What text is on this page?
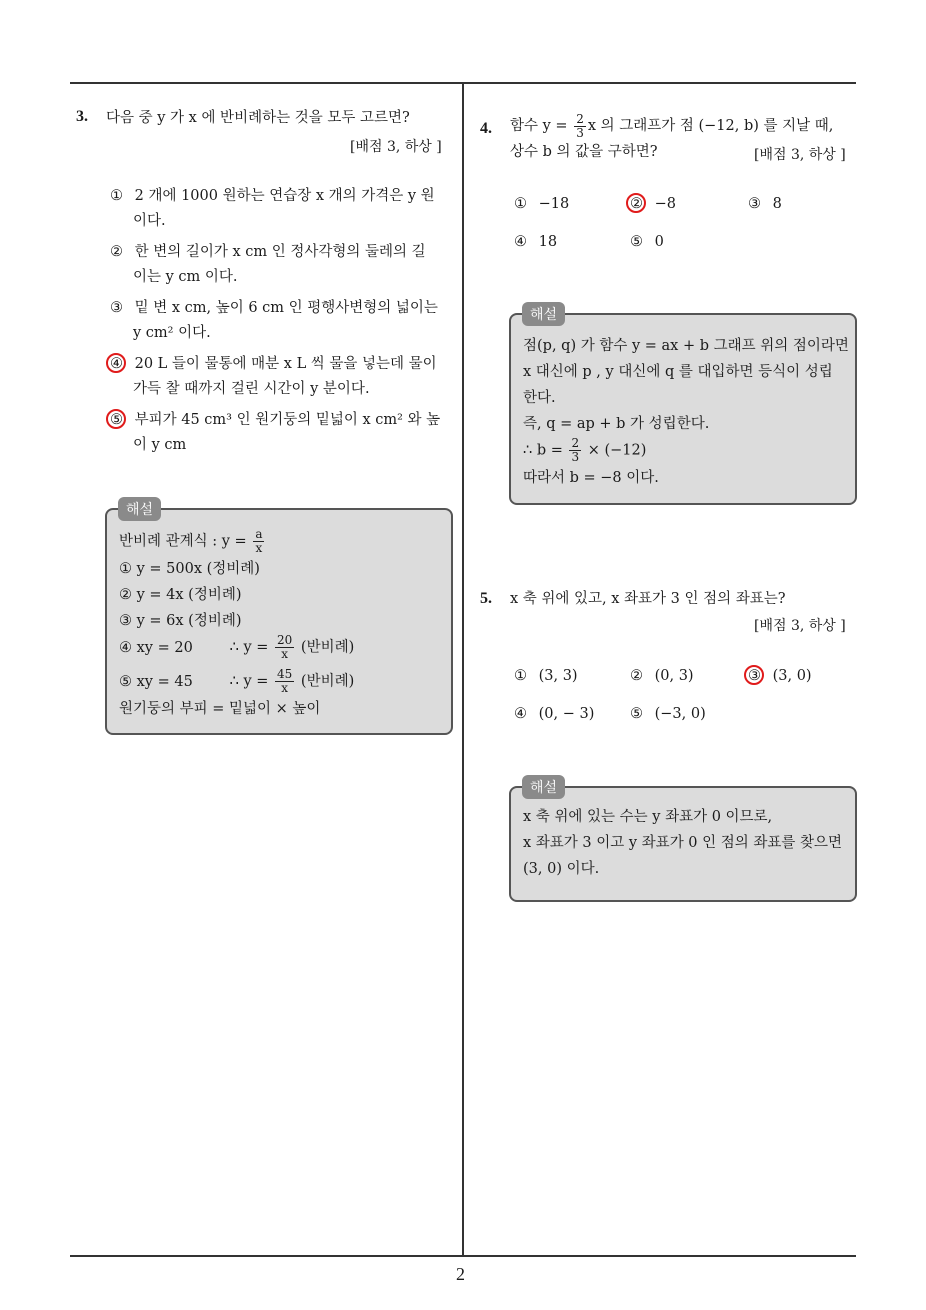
2
3. 다음 중 y 가 x 에 반비례하는 것을 모두 고르면?
[배점 3, 하상 ]
① 2 개에 1000 원하는 연습장 x 개의 가격은 y 원
이다.
② 한 변의 길이가 x cm 인 정사각형의 둘레의 길
이는 y cm 이다.
③ 밑 변 x cm, 높이 6 cm 인 평행사변형의 넓이는
y cm² 이다.
④ 20 L 들이 물통에 매분 x L 씩 물을 넣는데 물이
가득 찰 때까지 걸린 시간이 y 분이다.
⑤ 부피가 45 cm³ 인 원기둥의 밑넓이 x cm² 와 높
이 y cm
반비례 관계식 : $y = \frac{a}{x}$
① y = 500x (정비례)
② y = 4x (정비례)
③ y = 6x (정비례)
④ xy = 20	∴ $y = \frac{20}{x}$ (반비례)
⑤ xy = 45	∴ $y = \frac{45}{x}$ (반비례)
원기둥의 부피 = 밑넓이 × 높이
해설
4. 함수 $y = \frac{2}{3}$ x 의 그래프가 점 (−12, b) 를 지날 때,
상수 b 의 값을 구하면?	[배점 3, 하상 ]
① −18	② −8	③ 8
④ 18	⑤ 0
점(p, q) 가 함수 y = ax + b 그래프 위의 점이라면
x 대신에 p , y 대신에 q 를 대입하면 등식이 성립
한다.
즉, q = ap + b 가 성립한다.
∴ $b = \frac{2}{3} \times (-12)$
따라서 b = −8 이다.
해설
5. x 축 위에 있고, x 좌표가 3 인 점의 좌표는?
[배점 3, 하상 ]
① (3, 3)	② (0, 3)	③ (3, 0)
④ (0, − 3) ⑤ (−3, 0)
x 축 위에 있는 수는 y 좌표가 0 이므로,
x 좌표가 3 이고 y 좌표가 0 인 점의 좌표를 찾으면
(3, 0) 이다.
해설
